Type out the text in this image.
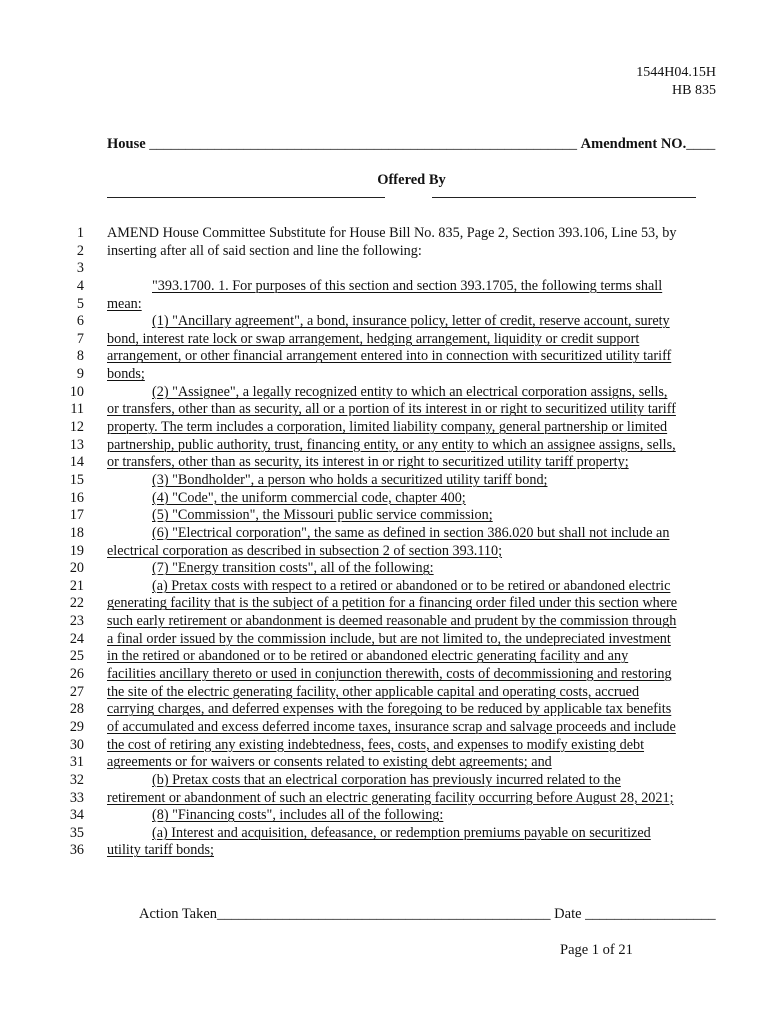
1544H04.15H
HB 835
House ___________________________________________________________ Amendment NO.____
Offered By
1 AMEND House Committee Substitute for House Bill No. 835, Page 2, Section 393.106, Line 53, by
2 inserting after all of said section and line the following:
3
4	"393.1700. 1. For purposes of this section and section 393.1705, the following terms shall
5 mean:
6	(1) "Ancillary agreement", a bond, insurance policy, letter of credit, reserve account, surety
7 bond, interest rate lock or swap arrangement, hedging arrangement, liquidity or credit support
8 arrangement, or other financial arrangement entered into in connection with securitized utility tariff
9 bonds;
10	(2) "Assignee", a legally recognized entity to which an electrical corporation assigns, sells,
11 or transfers, other than as security, all or a portion of its interest in or right to securitized utility tariff
12 property. The term includes a corporation, limited liability company, general partnership or limited
13 partnership, public authority, trust, financing entity, or any entity to which an assignee assigns, sells,
14 or transfers, other than as security, its interest in or right to securitized utility tariff property;
15	(3) "Bondholder", a person who holds a securitized utility tariff bond;
16	(4) "Code", the uniform commercial code, chapter 400;
17	(5) "Commission", the Missouri public service commission;
18	(6) "Electrical corporation", the same as defined in section 386.020 but shall not include an
19 electrical corporation as described in subsection 2 of section 393.110;
20	(7) "Energy transition costs", all of the following:
21	(a) Pretax costs with respect to a retired or abandoned or to be retired or abandoned electric
22 generating facility that is the subject of a petition for a financing order filed under this section where
23 such early retirement or abandonment is deemed reasonable and prudent by the commission through
24 a final order issued by the commission include, but are not limited to, the undepreciated investment
25 in the retired or abandoned or to be retired or abandoned electric generating facility and any
26 facilities ancillary thereto or used in conjunction therewith, costs of decommissioning and restoring
27 the site of the electric generating facility, other applicable capital and operating costs, accrued
28 carrying charges, and deferred expenses with the foregoing to be reduced by applicable tax benefits
29 of accumulated and excess deferred income taxes, insurance scrap and salvage proceeds and include
30 the cost of retiring any existing indebtedness, fees, costs, and expenses to modify existing debt
31 agreements or for waivers or consents related to existing debt agreements; and
32	(b) Pretax costs that an electrical corporation has previously incurred related to the
33 retirement or abandonment of such an electric generating facility occurring before August 28, 2021;
34	(8) "Financing costs", includes all of the following:
35	(a) Interest and acquisition, defeasance, or redemption premiums payable on securitized
36 utility tariff bonds;
Action Taken______________________________________________ Date __________________
Page 1 of 21
